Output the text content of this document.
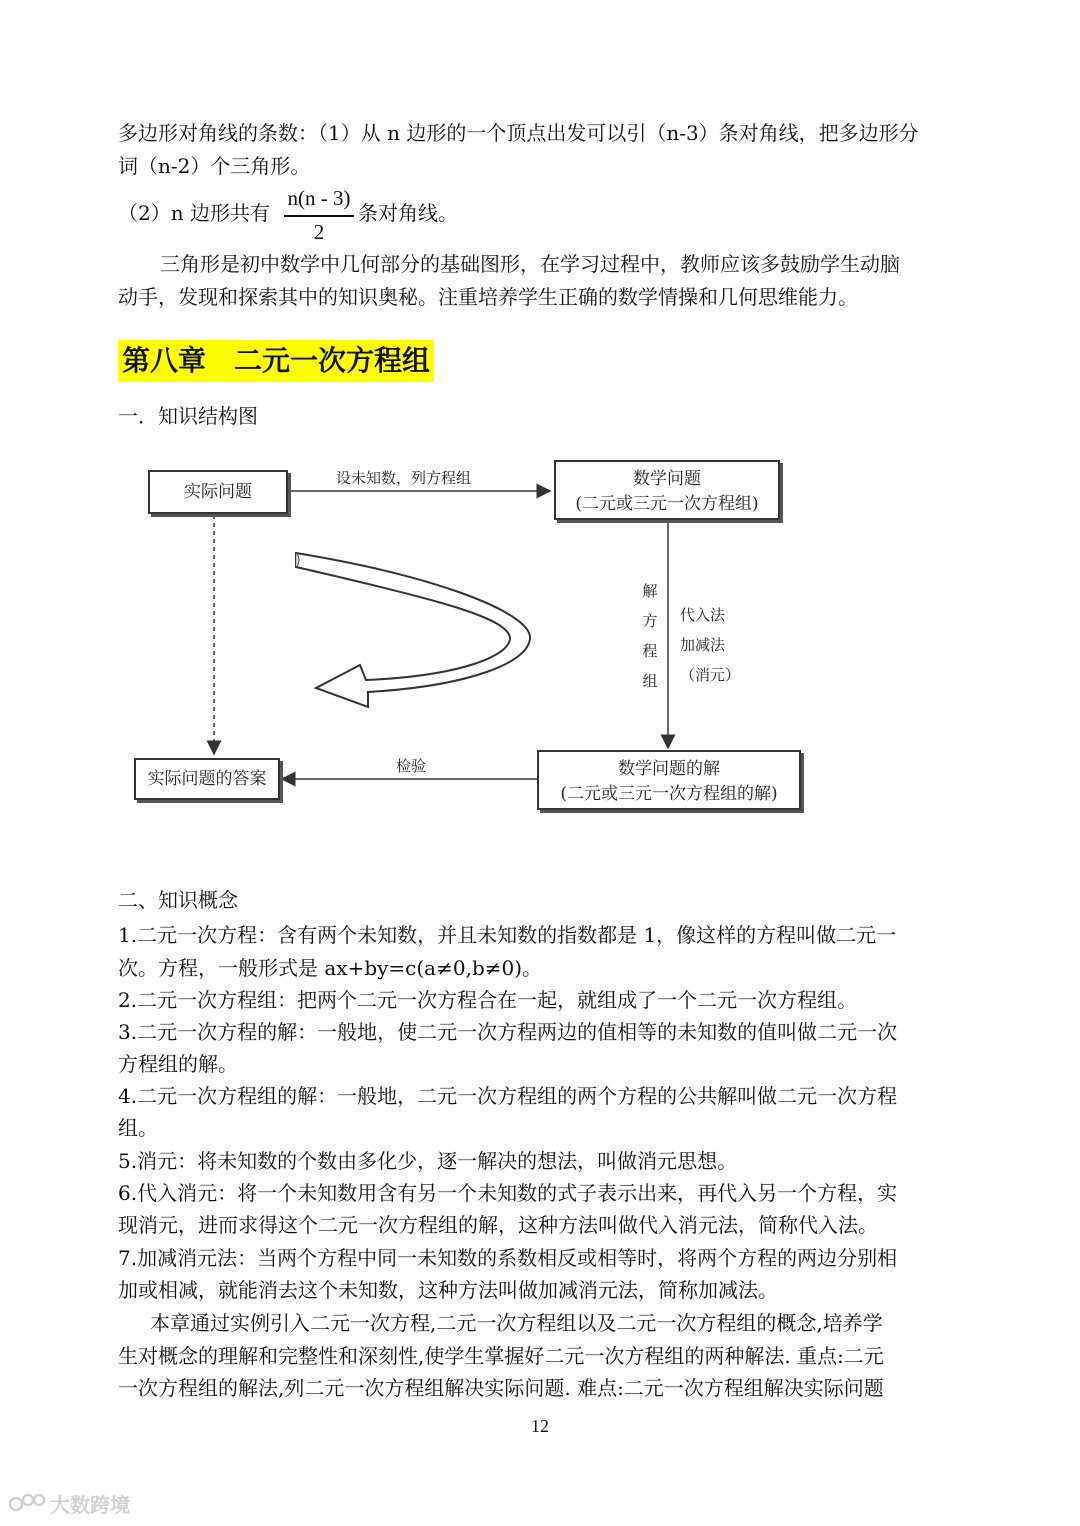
多边形对角线的条数：（1）从 n 边形的一个顶点出发可以引（n-3）条对角线，把多边形分
词（n-2）个三角形。
（2）n 边形共有
n(n - 3)
2
条对角线。
三角形是初中数学中几何部分的基础图形，在学习过程中，教师应该多鼓励学生动脑
动手，发现和探索其中的知识奥秘。注重培养学生正确的数学情操和几何思维能力。
第八章　二元一次方程组
一．知识结构图
实际问题
设未知数，列方程组	数学问题
(二元或三元一次方程组)
解
方
程
组
代入法
加减法
（消元）
数学问题的解
(二元或三元一次方程组的解)
检验
实际问题的答案
二、知识概念
1.二元一次方程：含有两个未知数，并且未知数的指数都是 1，像这样的方程叫做二元一
次。方程，一般形式是 ax+by=c(a≠0,b≠0)。
2.二元一次方程组：把两个二元一次方程合在一起，就组成了一个二元一次方程组。
3.二元一次方程的解：一般地，使二元一次方程两边的值相等的未知数的值叫做二元一次
方程组的解。
4.二元一次方程组的解：一般地，二元一次方程组的两个方程的公共解叫做二元一次方程
组。
5.消元：将未知数的个数由多化少，逐一解决的想法，叫做消元思想。
6.代入消元：将一个未知数用含有另一个未知数的式子表示出来，再代入另一个方程，实
现消元，进而求得这个二元一次方程组的解，这种方法叫做代入消元法，简称代入法。
7.加减消元法：当两个方程中同一未知数的系数相反或相等时，将两个方程的两边分别相
加或相减，就能消去这个未知数，这种方法叫做加减消元法，简称加减法。
本章通过实例引入二元一次方程,二元一次方程组以及二元一次方程组的概念,培养学
生对概念的理解和完整性和深刻性,使学生掌握好二元一次方程组的两种解法. 重点:二元
一次方程组的解法,列二元一次方程组解决实际问题. 难点:二元一次方程组解决实际问题
12
大数跨境
